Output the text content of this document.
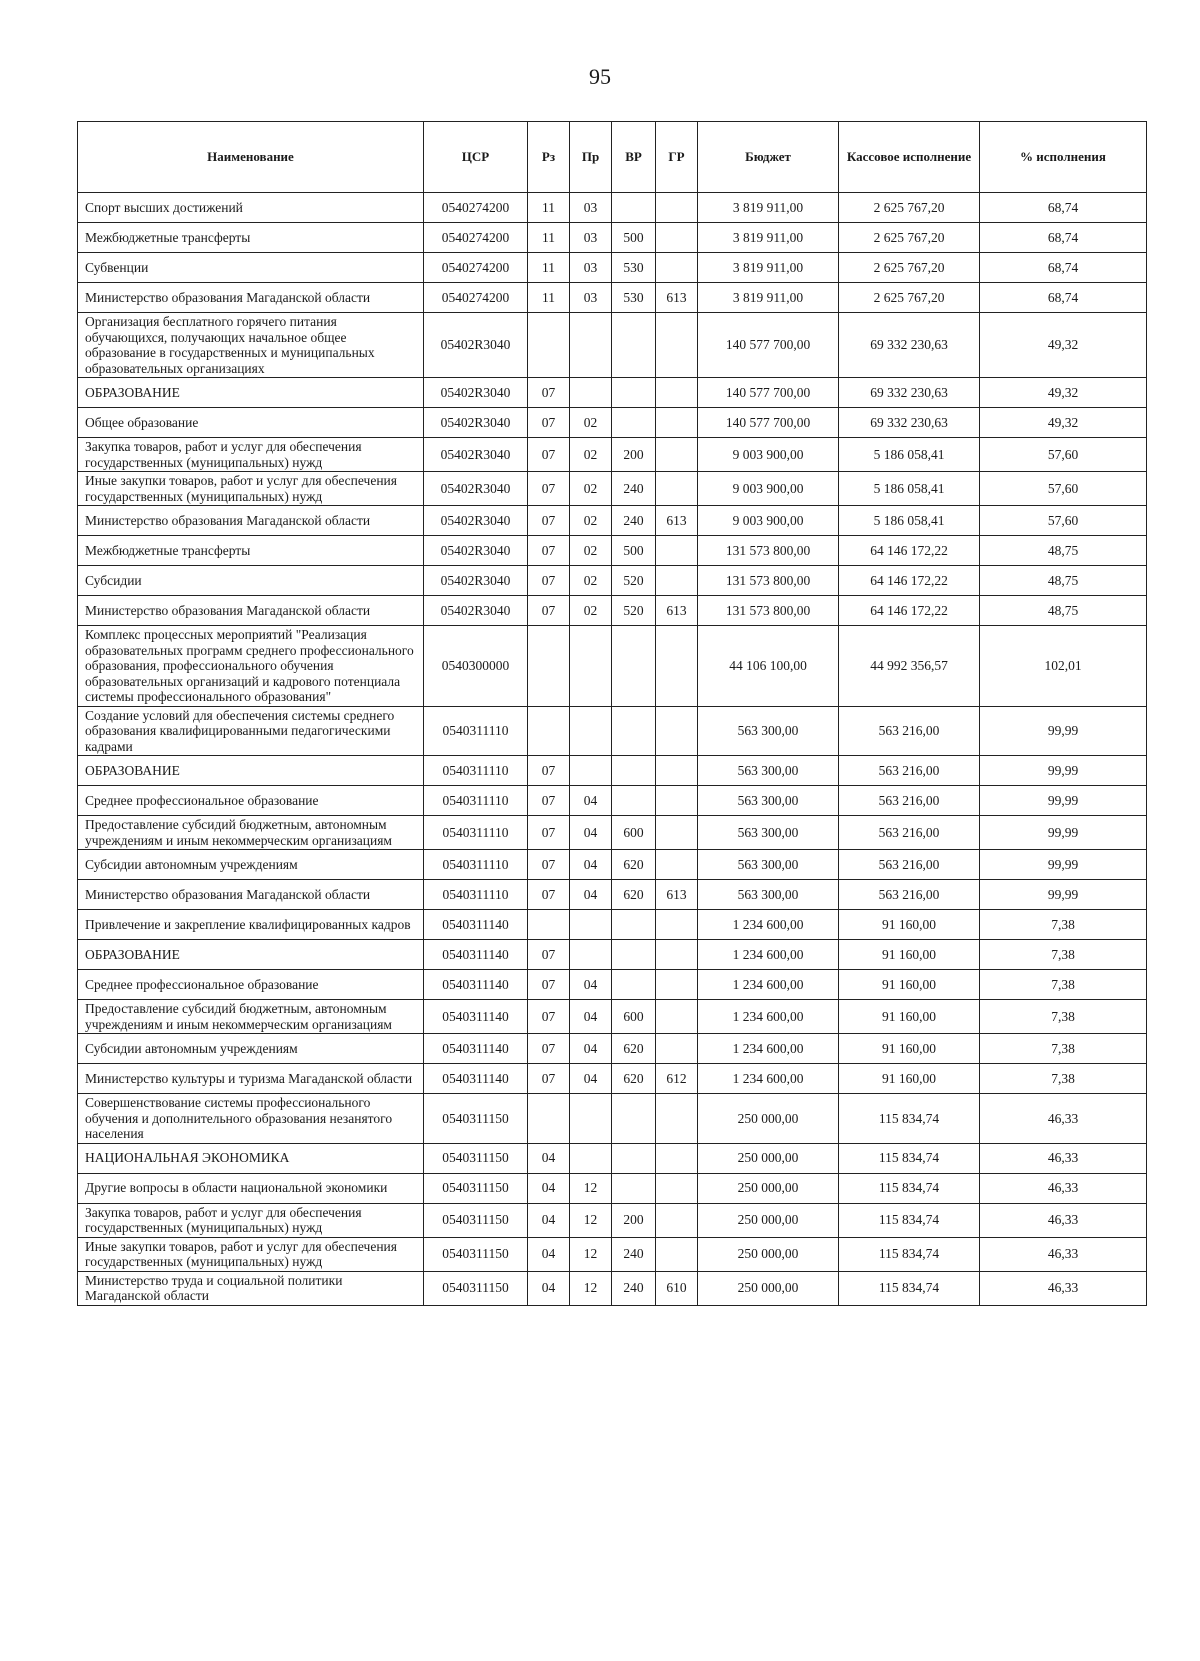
95
Наименование	ЦСР	Рз	Пр	ВР	ГР	Бюджет	Кассовое исполнение	% исполнения
Спорт высших достижений	0540274200	11	03			3 819 911,00	2 625 767,20	68,74
Межбюджетные трансферты	0540274200	11	03	500		3 819 911,00	2 625 767,20	68,74
Субвенции	0540274200	11	03	530		3 819 911,00	2 625 767,20	68,74
Министерство образования Магаданской области	0540274200	11	03	530	613	3 819 911,00	2 625 767,20	68,74
Организация бесплатного горячего питания обучающихся, получающих начальное общее образование в государственных и муниципальных образовательных организациях	05402R3040					140 577 700,00	69 332 230,63	49,32
ОБРАЗОВАНИЕ	05402R3040	07				140 577 700,00	69 332 230,63	49,32
Общее образование	05402R3040	07	02			140 577 700,00	69 332 230,63	49,32
Закупка товаров, работ и услуг для обеспечения государственных (муниципальных) нужд	05402R3040	07	02	200		9 003 900,00	5 186 058,41	57,60
Иные закупки товаров, работ и услуг для обеспечения государственных (муниципальных) нужд	05402R3040	07	02	240		9 003 900,00	5 186 058,41	57,60
Министерство образования Магаданской области	05402R3040	07	02	240	613	9 003 900,00	5 186 058,41	57,60
Межбюджетные трансферты	05402R3040	07	02	500		131 573 800,00	64 146 172,22	48,75
Субсидии	05402R3040	07	02	520		131 573 800,00	64 146 172,22	48,75
Министерство образования Магаданской области	05402R3040	07	02	520	613	131 573 800,00	64 146 172,22	48,75
Комплекс процессных мероприятий "Реализация образовательных программ среднего профессионального образования, профессионального обучения образовательных организаций и кадрового потенциала системы профессионального образования"	0540300000					44 106 100,00	44 992 356,57	102,01
Создание условий для обеспечения системы среднего образования квалифицированными педагогическими кадрами	0540311110					563 300,00	563 216,00	99,99
ОБРАЗОВАНИЕ	0540311110	07				563 300,00	563 216,00	99,99
Среднее профессиональное образование	0540311110	07	04			563 300,00	563 216,00	99,99
Предоставление субсидий бюджетным, автономным учреждениям и иным некоммерческим организациям	0540311110	07	04	600		563 300,00	563 216,00	99,99
Субсидии автономным учреждениям	0540311110	07	04	620		563 300,00	563 216,00	99,99
Министерство образования Магаданской области	0540311110	07	04	620	613	563 300,00	563 216,00	99,99
Привлечение и закрепление квалифицированных кадров	0540311140					1 234 600,00	91 160,00	7,38
ОБРАЗОВАНИЕ	0540311140	07				1 234 600,00	91 160,00	7,38
Среднее профессиональное образование	0540311140	07	04			1 234 600,00	91 160,00	7,38
Предоставление субсидий бюджетным, автономным учреждениям и иным некоммерческим организациям	0540311140	07	04	600		1 234 600,00	91 160,00	7,38
Субсидии автономным учреждениям	0540311140	07	04	620		1 234 600,00	91 160,00	7,38
Министерство культуры и туризма Магаданской области	0540311140	07	04	620	612	1 234 600,00	91 160,00	7,38
Совершенствование системы профессионального обучения и дополнительного образования незанятого населения	0540311150					250 000,00	115 834,74	46,33
НАЦИОНАЛЬНАЯ ЭКОНОМИКА	0540311150	04				250 000,00	115 834,74	46,33
Другие вопросы в области национальной экономики	0540311150	04	12			250 000,00	115 834,74	46,33
Закупка товаров, работ и услуг для обеспечения государственных (муниципальных) нужд	0540311150	04	12	200		250 000,00	115 834,74	46,33
Иные закупки товаров, работ и услуг для обеспечения государственных (муниципальных) нужд	0540311150	04	12	240		250 000,00	115 834,74	46,33
Министерство труда и социальной политики Магаданской области	0540311150	04	12	240	610	250 000,00	115 834,74	46,33
